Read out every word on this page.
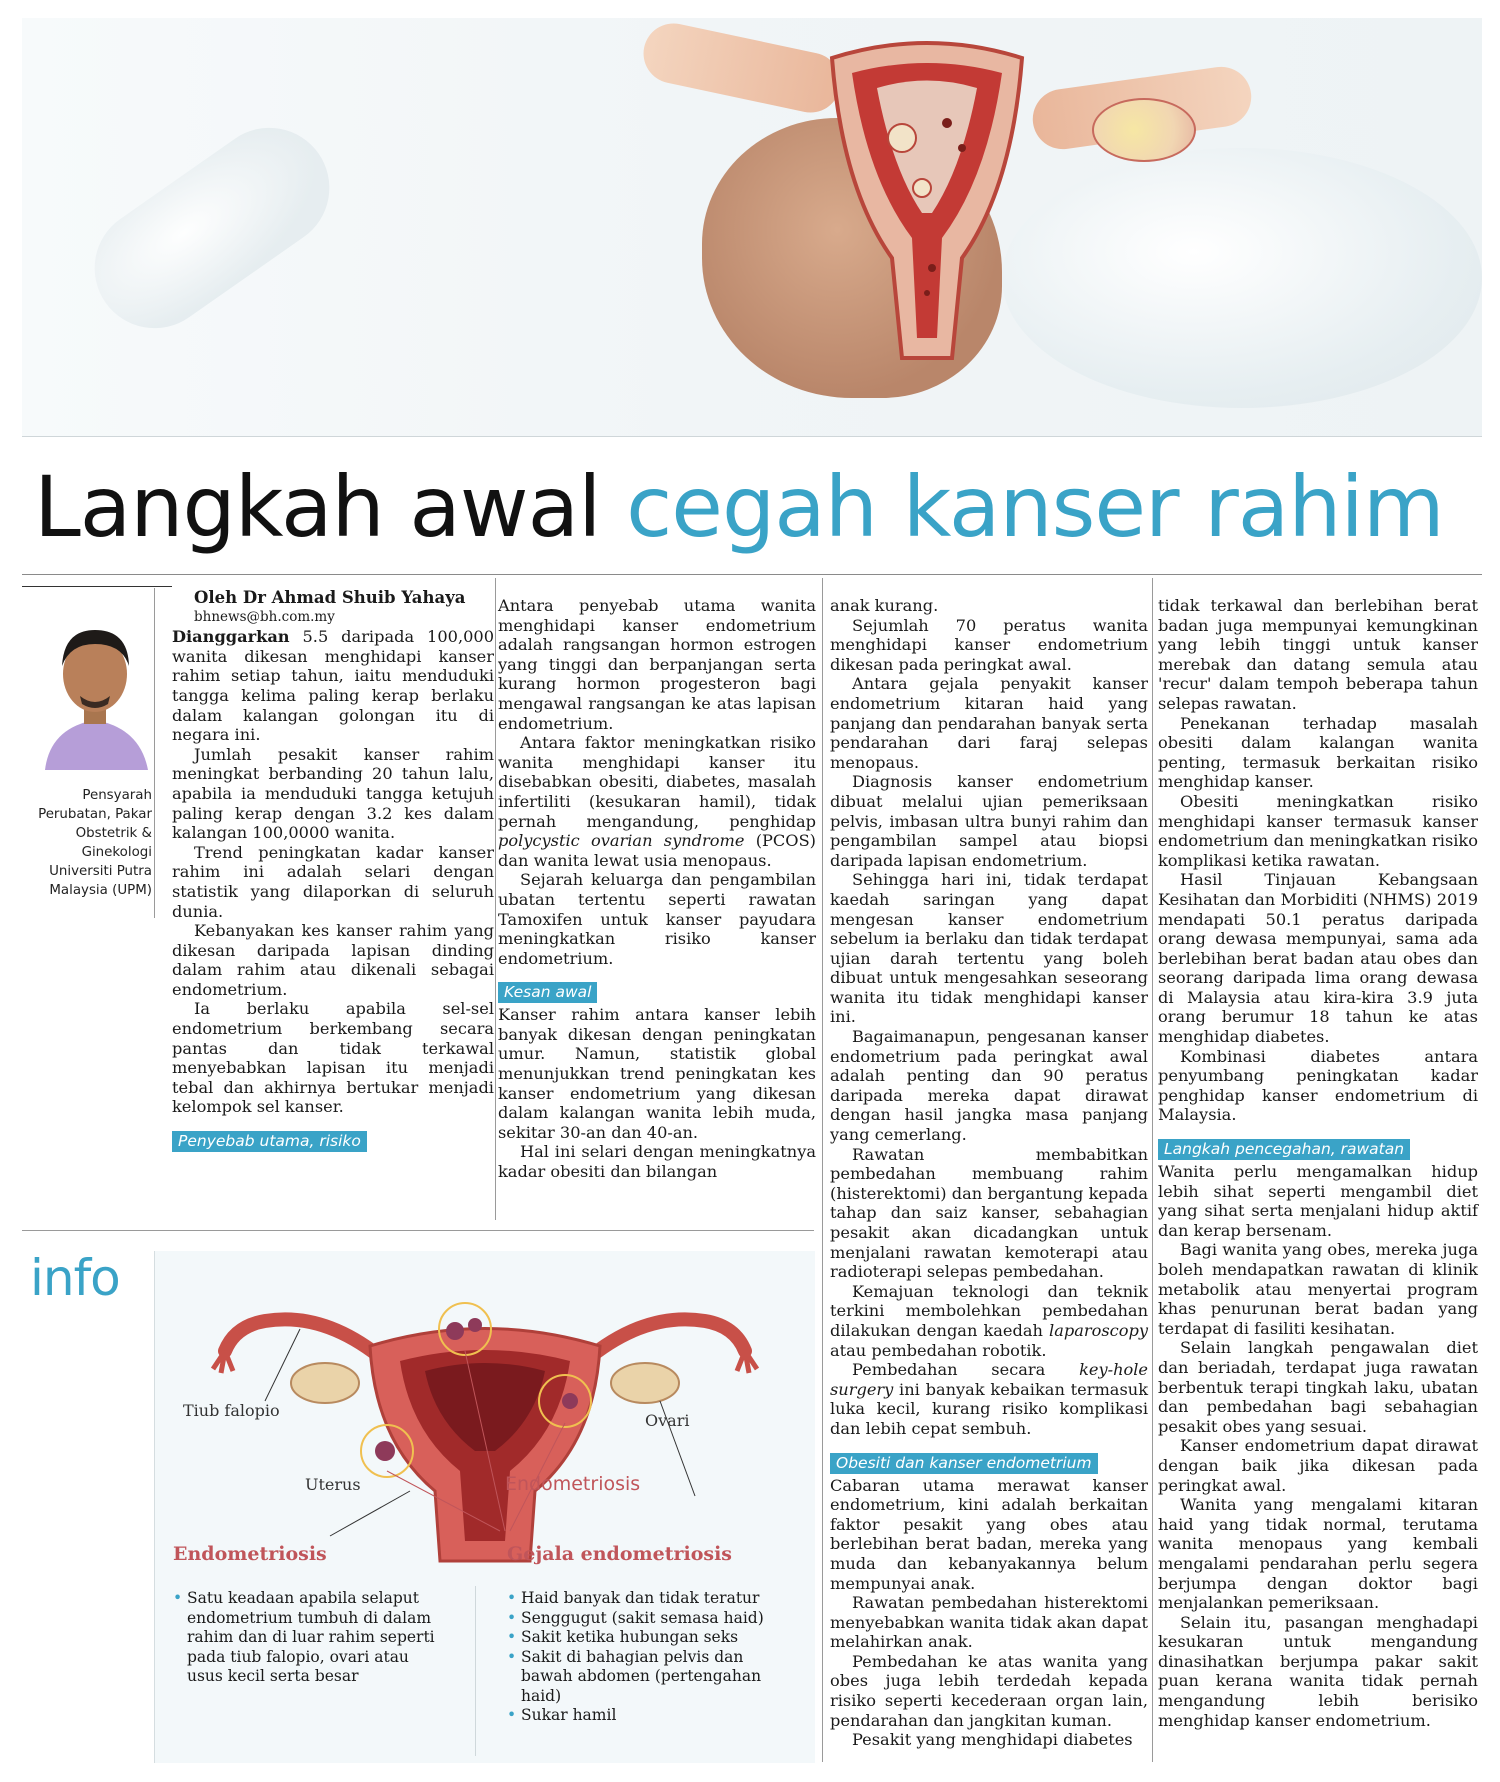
Langkah awal cegah kanser rahim
Pensyarah
Perubatan, Pakar
Obstetrik & Ginekologi
Universiti Putra
Malaysia (UPM)

Oleh Dr Ahmad Shuib Yahaya

bhnews@bh.com.my

Dianggarkan 5.5 daripada 100,000 wanita dikesan menghidapi kanser rahim setiap tahun, iaitu menduduki tangga kelima paling kerap berlaku dalam kalangan golongan itu di negara ini.

Jumlah pesakit kanser rahim meningkat berbanding 20 tahun lalu, apabila ia menduduki tangga ketujuh paling kerap dengan 3.2 kes dalam kalangan 100,0000 wanita.

Trend peningkatan kadar kanser rahim ini adalah selari dengan statistik yang dilaporkan di seluruh dunia.

Kebanyakan kes kanser rahim yang dikesan daripada lapisan dinding dalam rahim atau dikenali sebagai endometrium.

Ia berlaku apabila sel-sel endometrium berkembang secara pantas dan tidak terkawal menyebabkan lapisan itu menjadi tebal dan akhirnya bertukar menjadi kelompok sel kanser.

Penyebab utama, risiko

Antara penyebab utama wanita menghidapi kanser endometrium adalah rangsangan hormon estrogen yang tinggi dan berpanjangan serta kurang hormon progesteron bagi mengawal rangsangan ke atas lapisan endometrium.

Antara faktor meningkatkan risiko wanita menghidapi kanser itu disebabkan obesiti, diabetes, masalah infertiliti (kesukaran hamil), tidak pernah mengandung, penghidap polycystic ovarian syndrome (PCOS) dan wanita lewat usia menopaus.

Sejarah keluarga dan pengambilan ubatan tertentu seperti rawatan Tamoxifen untuk kanser payudara meningkatkan risiko kanser endometrium.

Kesan awal

Kanser rahim antara kanser lebih banyak dikesan dengan peningkatan umur. Namun, statistik global menunjukkan trend peningkatan kes kanser endometrium yang dikesan dalam kalangan wanita lebih muda, sekitar 30-an dan 40-an.

Hal ini selari dengan meningkatnya kadar obesiti dan bilangan

anak kurang.

Sejumlah 70 peratus wanita menghidapi kanser endometrium dikesan pada peringkat awal.

Antara gejala penyakit kanser endometrium kitaran haid yang panjang dan pendarahan banyak serta pendarahan dari faraj selepas menopaus.

Diagnosis kanser endometrium dibuat melalui ujian pemeriksaan pelvis, imbasan ultra bunyi rahim dan pengambilan sampel atau biopsi daripada lapisan endometrium.

Sehingga hari ini, tidak terdapat kaedah saringan yang dapat mengesan kanser endometrium sebelum ia berlaku dan tidak terdapat ujian darah tertentu yang boleh dibuat untuk mengesahkan seseorang wanita itu tidak menghidapi kanser ini.

Bagaimanapun, pengesanan kanser endometrium pada peringkat awal adalah penting dan 90 peratus daripada mereka dapat dirawat dengan hasil jangka masa panjang yang cemerlang.

Rawatan membabitkan pembedahan membuang rahim (histerektomi) dan bergantung kepada tahap dan saiz kanser, sebahagian pesakit akan dicadangkan untuk menjalani rawatan kemoterapi atau radioterapi selepas pembedahan.

Kemajuan teknologi dan teknik terkini membolehkan pembedahan dilakukan dengan kaedah laparoscopy atau pembedahan robotik.

Pembedahan secara key-hole surgery ini banyak kebaikan termasuk luka kecil, kurang risiko komplikasi dan lebih cepat sembuh.

Obesiti dan kanser endometrium

Cabaran utama merawat kanser endometrium, kini adalah berkaitan faktor pesakit yang obes atau berlebihan berat badan, mereka yang muda dan kebanyakannya belum mempunyai anak.

Rawatan pembedahan histerektomi menyebabkan wanita tidak akan dapat melahirkan anak.

Pembedahan ke atas wanita yang obes juga lebih terdedah kepada risiko seperti kecederaan organ lain, pendarahan dan jangkitan kuman.

Pesakit yang menghidapi diabetes

tidak terkawal dan berlebihan berat badan juga mempunyai kemungkinan yang lebih tinggi untuk kanser merebak dan datang semula atau 'recur' dalam tempoh beberapa tahun selepas rawatan.

Penekanan terhadap masalah obesiti dalam kalangan wanita penting, termasuk berkaitan risiko menghidap kanser.

Obesiti meningkatkan risiko menghidapi kanser termasuk kanser endometrium dan meningkatkan risiko komplikasi ketika rawatan.

Hasil Tinjauan Kebangsaan Kesihatan dan Morbiditi (NHMS) 2019 mendapati 50.1 peratus daripada orang dewasa mempunyai, sama ada berlebihan berat badan atau obes dan seorang daripada lima orang dewasa di Malaysia atau kira-kira 3.9 juta orang berumur 18 tahun ke atas menghidap diabetes.

Kombinasi diabetes antara penyumbang peningkatan kadar penghidap kanser endometrium di Malaysia.

Langkah pencegahan, rawatan

Wanita perlu mengamalkan hidup lebih sihat seperti mengambil diet yang sihat serta menjalani hidup aktif dan kerap bersenam.

Bagi wanita yang obes, mereka juga boleh mendapatkan rawatan di klinik metabolik atau menyertai program khas penurunan berat badan yang terdapat di fasiliti kesihatan.

Selain langkah pengawalan diet dan beriadah, terdapat juga rawatan berbentuk terapi tingkah laku, ubatan dan pembedahan bagi sebahagian pesakit obes yang sesuai.

Kanser endometrium dapat dirawat dengan baik jika dikesan pada peringkat awal.

Wanita yang mengalami kitaran haid yang tidak normal, terutama wanita menopaus yang kembali mengalami pendarahan perlu segera berjumpa dengan doktor bagi menjalankan pemeriksaan.

Selain itu, pasangan menghadapi kesukaran untuk mengandung dinasihatkan berjumpa pakar sakit puan kerana wanita tidak pernah mengandung lebih berisiko menghidap kanser endometrium.

info
Tiub falopio
Ovari
Uterus	Endometriosis
Endometriosis
• Satu keadaan apabila selaput endometrium tumbuh di dalam rahim dan di luar rahim seperti pada tiub falopio, ovari atau usus kecil serta besar
Gejala endometriosis
• Haid banyak dan tidak teratur
• Senggugut (sakit semasa haid)
• Sakit ketika hubungan seks
• Sakit di bahagian pelvis dan bawah abdomen (pertengahan haid)
• Sukar hamil
